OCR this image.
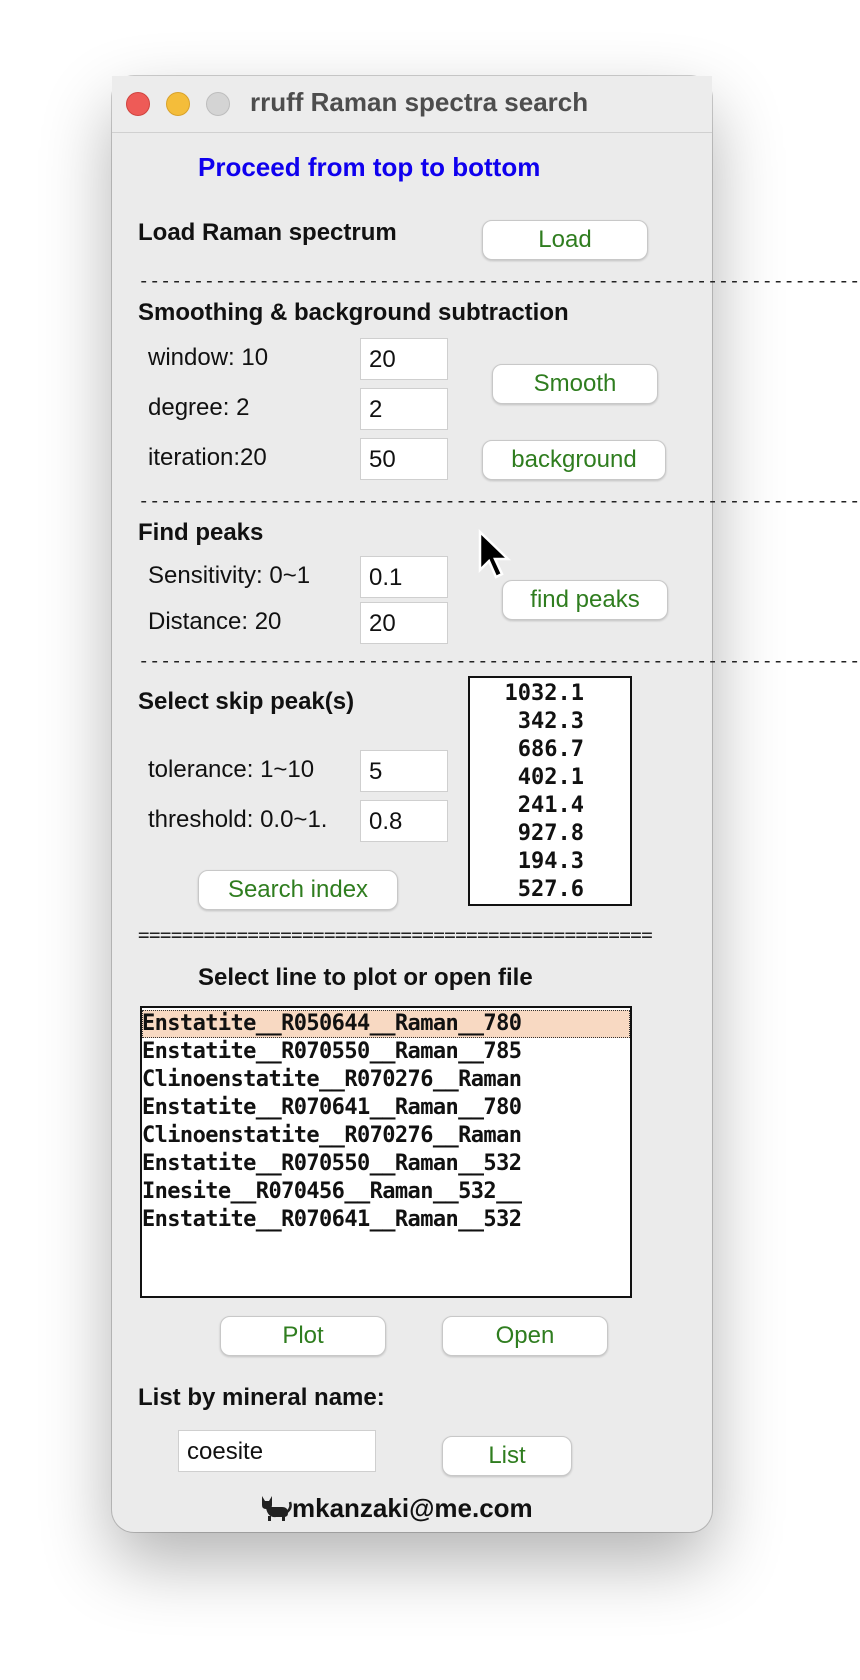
rruff Raman spectra search
Proceed from top to bottom
Load Raman spectrum	Load
------------------------------------------------------------------
Smoothing & background subtraction
window: 10	20
degree: 2	2
iteration:20	50
Smooth
background
------------------------------------------------------------------
Find peaks
Sensitivity: 0~1	0.1
Distance: 20	20
find peaks
------------------------------------------------------------------
Select skip peak(s)
tolerance: 1~10	5
threshold: 0.0~1.	0.8
Search index
1032.1
342.3
686.7
402.1
241.4
927.8
194.3
527.6
===============================================
Select line to plot or open file
Enstatite__R050644__Raman__780
Enstatite__R070550__Raman__785
Clinoenstatite__R070276__Raman
Enstatite__R070641__Raman__780
Clinoenstatite__R070276__Raman
Enstatite__R070550__Raman__532
Inesite__R070456__Raman__532__
Enstatite__R070641__Raman__532
Plot	Open
List by mineral name:
coesite	List
mkanzaki@me.com
